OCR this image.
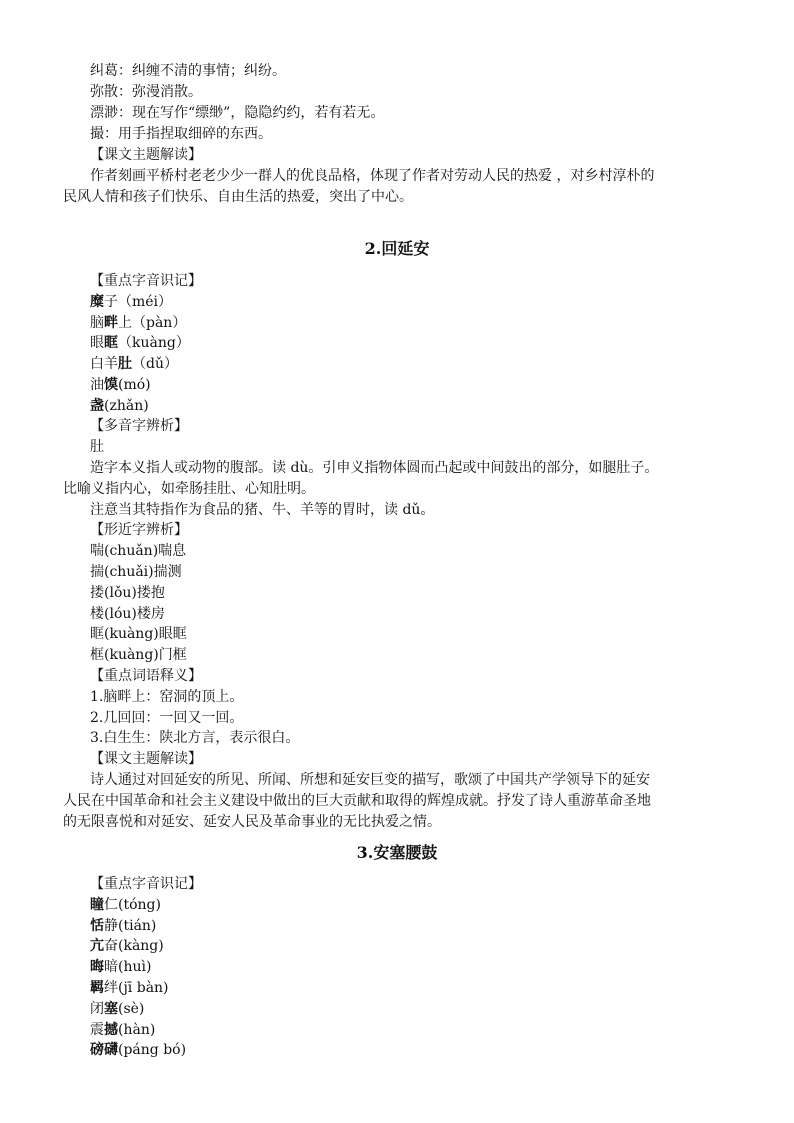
纠葛：纠缠不清的事情；纠纷。

弥散：弥漫消散。

漂渺：现在写作“缥缈”，隐隐约约，若有若无。

撮：用手指捏取细碎的东西。

【课文主题解读】

作者刻画平桥村老老少少一群人的优良品格，体现了作者对劳动人民的热爱 ，对乡村淳朴的

民风人情和孩子们快乐、自由生活的热爱，突出了中心。

2.回延安

【重点字音识记】

糜子（méi）

脑畔上（pàn）

眼眶（kuàng）

白羊肚（dǔ）

油馍(mó)

盏(zhǎn)

【多音字辨析】

肚

造字本义指人或动物的腹部。读 dù。引申义指物体圆而凸起或中间鼓出的部分，如腿肚子。

比喻义指内心，如牵肠挂肚、心知肚明。

注意当其特指作为食品的猪、牛、羊等的胃时，读 dǔ。

【形近字辨析】

喘(chuǎn)喘息

揣(chuǎi)揣测

搂(lǒu)搂抱

楼(lóu)楼房

眶(kuàng)眼眶

框(kuàng)门框

【重点词语释义】

1.脑畔上：窑洞的顶上。

2.几回回：一回又一回。

3.白生生：陕北方言，表示很白。

【课文主题解读】

诗人通过对回延安的所见、所闻、所想和延安巨变的描写，歌颂了中国共产学领导下的延安

人民在中国革命和社会主义建设中做出的巨大贡献和取得的辉煌成就。抒发了诗人重游革命圣地

的无限喜悦和对延安、延安人民及革命事业的无比执爱之情。

3.安塞腰鼓

【重点字音识记】

瞳仁(tóng)

恬静(tián)

亢奋(kàng)

晦暗(huì)

羁绊(jī bàn)

闭塞(sè)

震撼(hàn)

磅礴(páng bó)
